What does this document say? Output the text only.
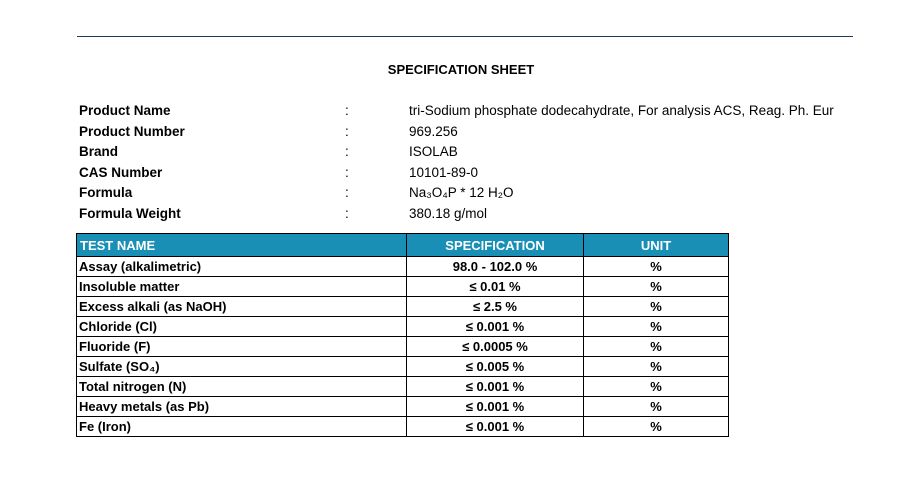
SPECIFICATION SHEET
Product Name	:	tri-Sodium phosphate dodecahydrate, For analysis ACS, Reag. Ph. Eur
Product Number	:	969.256
Brand	:	ISOLAB
CAS Number	:	10101-89-0
Formula	:	Na₃O₄P * 12 H₂O
Formula Weight	:	380.18 g/mol
TEST NAME	SPECIFICATION	UNIT
Assay (alkalimetric)	98.0 - 102.0 %	%
Insoluble matter	≤ 0.01 %	%
Excess alkali (as NaOH)	≤ 2.5 %	%
Chloride (Cl)	≤ 0.001 %	%
Fluoride (F)	≤ 0.0005 %	%
Sulfate (SO₄)	≤ 0.005 %	%
Total nitrogen (N)	≤ 0.001 %	%
Heavy metals (as Pb)	≤ 0.001 %	%
Fe (Iron)	≤ 0.001 %	%
